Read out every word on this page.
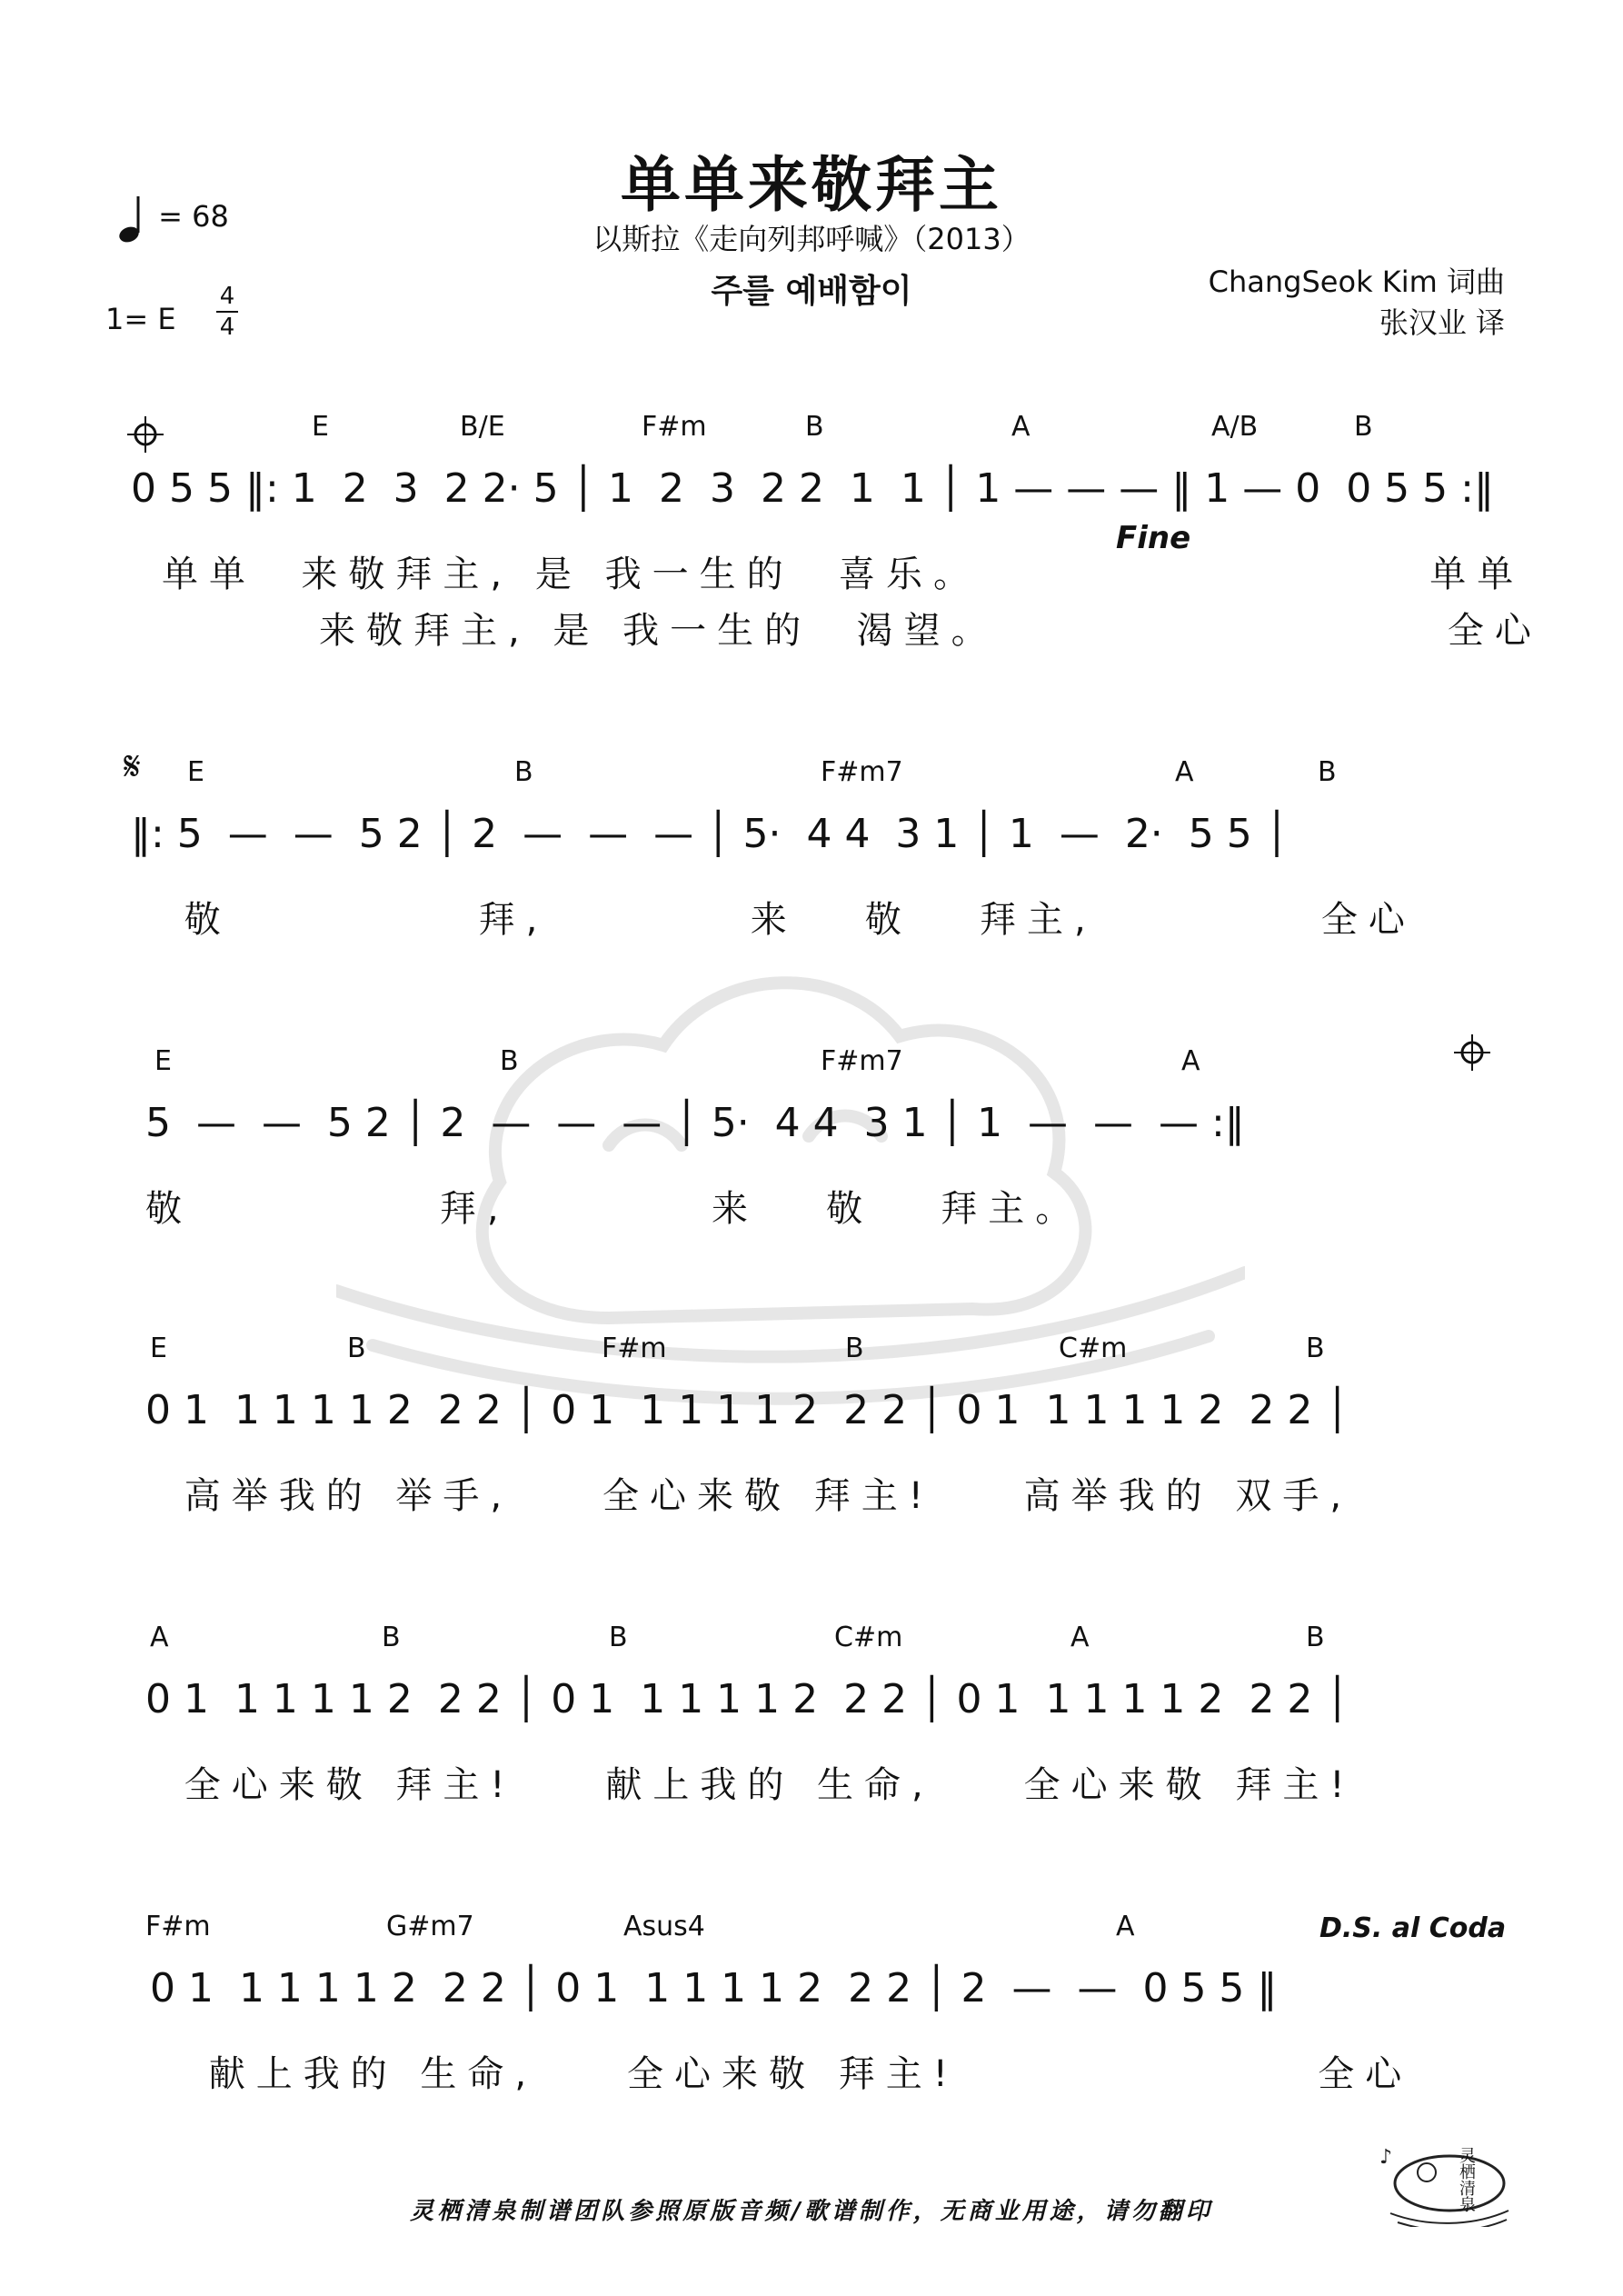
= 68	单单来敬拜主
以斯拉《走向列邦呼喊》（2013）
주를 예배함이	ChangSeok Kim 词曲
张汉业 译
1= E
4
4
𝄋
E	B/E	F#m	B	A	A/B	B
0 5 5 ‖: 1  2  3  2 2· 5 │ 1  2  3  2 2  1  1 │ 1 — — — ‖ 1 — 0  0 5 5 :‖
Fine
单单  来敬拜主, 是 我一生的  喜乐。                    单单
来敬拜主, 是 我一生的  渴望。                    全心
E	B	F#m7	A	B
‖: 5  —  —  5 2 │ 2  —  —  — │ 5·  4 4  3 1 │ 1  —  2·  5 5 │
敬           拜,         来   敬   拜主,          全心
E	B	F#m7	A
5  —  —  5 2 │ 2  —  —  — │ 5·  4 4  3 1 │ 1  —  —  — :‖
敬           拜,         来   敬   拜主。
E	B	F#m	B	C#m	B
0 1  1 1 1 1 2  2 2 │ 0 1  1 1 1 1 2  2 2 │ 0 1  1 1 1 1 2  2 2 │
高举我的 举手,    全心来敬 拜主!    高举我的 双手,
A	B	B	C#m	A	B
0 1  1 1 1 1 2  2 2 │ 0 1  1 1 1 1 2  2 2 │ 0 1  1 1 1 1 2  2 2 │
全心来敬 拜主!    献上我的 生命,    全心来敬 拜主!
F#m	G#m7	Asus4	A	D.S. al Coda
0 1  1 1 1 1 2  2 2 │ 0 1  1 1 1 1 2  2 2 │ 2  —  —  0 5 5 ‖
献上我的 生命,    全心来敬 拜主!                全心
♪	灵栖清泉
灵栖清泉制谱团队参照原版音频/歌谱制作，无商业用途，请勿翻印
